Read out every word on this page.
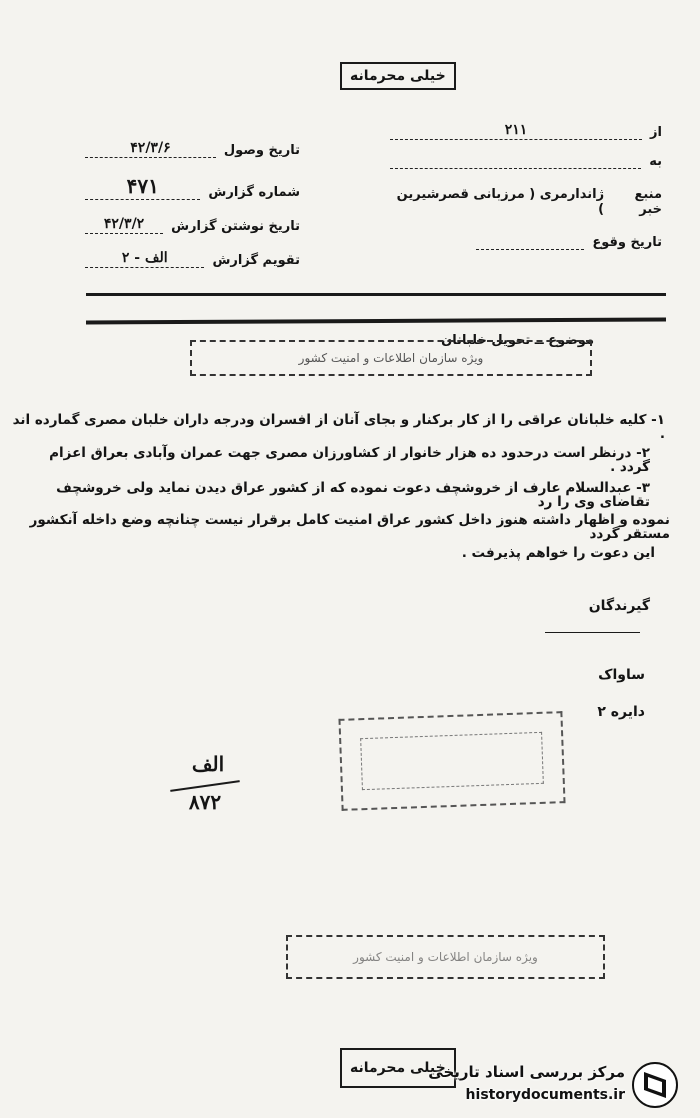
خیلی محرمانه
تاریخ وصول
۴۲/۳/۶
شماره گزارش
۴۷۱
تاریخ نوشتن گزارش
۴۲/۳/۲
تقویم گزارش
الف - ۲
از
۲۱۱
به
منبع خبر
ژاندارمری ( مرزبانی قصرشیرین )
تاریخ وقوع
موضوع ــ تحویل خلبانان
ویژه سازمان اطلاعات و امنیت کشور
۱- کلیه خلبانان عراقی را از کار برکنار و بجای آنان از افسران ودرجه داران خلبان مصری گمارده اند .
۲- درنظر است درحدود ده هزار خانوار از کشاورزان مصری جهت عمران وآبادی بعراق اعزام گردد .
۳- عبدالسلام عارف از خروشچف دعوت نموده که از کشور عراق دیدن نماید ولی خروشچف تقاضای وی را رد
نموده و اظهار داشته هنوز داخل کشور عراق امنیت کامل برقرار نیست چنانچه وضع داخله آنکشور مستقر گردد
این دعوت را خواهم پذیرفت .
گیرندگان
ساواک
دایره ۲
الف
۸۷۲
ویژه سازمان اطلاعات و امنیت کشور
خیلی محرمانه
مرکز بررسی اسناد تاریخی
historydocuments.ir
